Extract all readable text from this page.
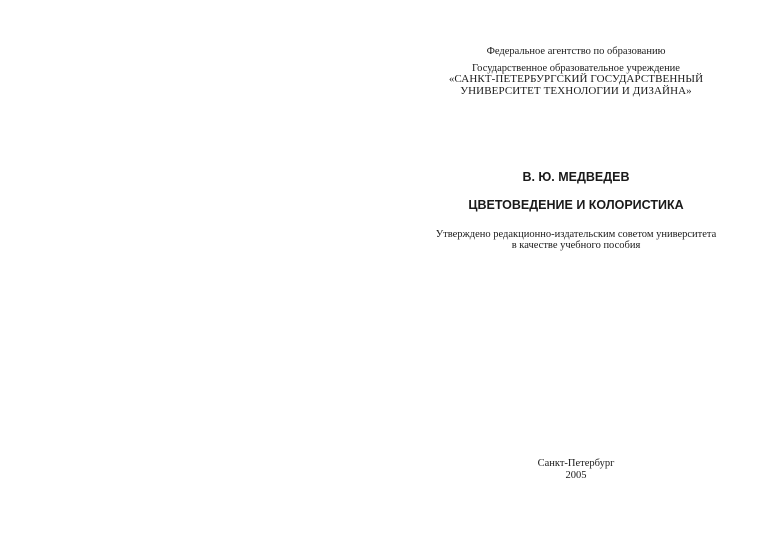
Федеральное агентство по образованию
Государственное образовательное учреждение
«САНКТ-ПЕТЕРБУРГСКИЙ ГОСУДАРСТВЕННЫЙ
УНИВЕРСИТЕТ ТЕХНОЛОГИИ И ДИЗАЙНА»
В. Ю. МЕДВЕДЕВ
ЦВЕТОВЕДЕНИЕ И КОЛОРИСТИКА
Утверждено редакционно-издательским советом университета
в качестве учебного пособия
Санкт-Петербург
2005
